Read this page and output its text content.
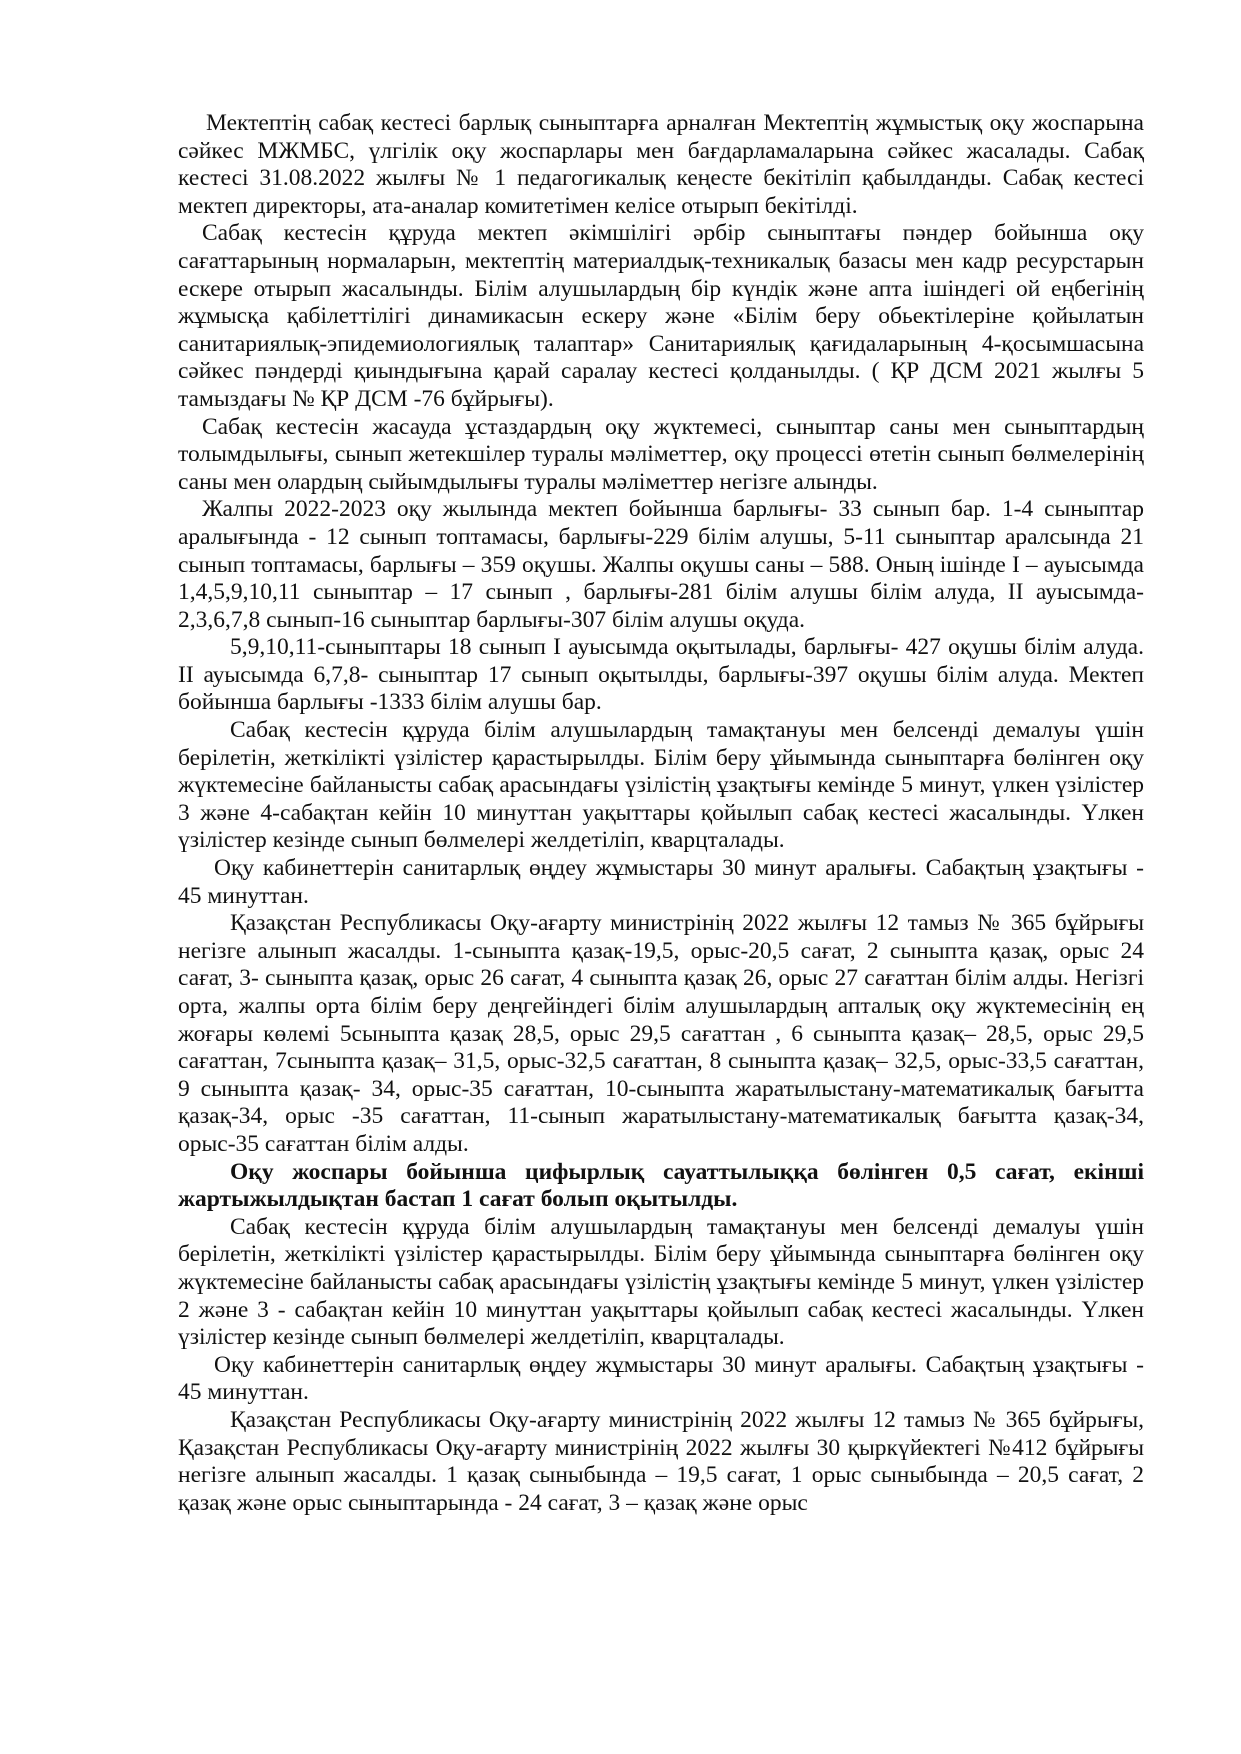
Мектептің сабақ кестесі барлық сыныптарға арналған Мектептің жұмыстық оқу жоспарына сәйкес МЖМБС, үлгілік оқу жоспарлары мен бағдарламаларына сәйкес жасалады. Сабақ кестесі 31.08.2022 жылғы № 1 педагогикалық кеңесте бекітіліп қабылданды. Сабақ кестесі мектеп директоры, ата-аналар комитетімен келісе отырып бекітілді.

Сабақ кестесін құруда мектеп әкімшілігі әрбір сыныптағы пәндер бойынша оқу сағаттарының нормаларын, мектептің материалдық-техникалық базасы мен кадр ресурстарын ескере отырып жасалынды. Білім алушылардың бір күндік және апта ішіндегі ой еңбегінің жұмысқа қабілеттілігі динамикасын ескеру және «Білім беру обьектілеріне қойылатын санитариялық-эпидемиологиялық талаптар» Санитариялық қағидаларының 4-қосымшасына сәйкес пәндерді қиындығына қарай саралау кестесі қолданылды. ( ҚР ДСМ 2021 жылғы 5 тамыздағы № ҚР ДСМ -76 бұйрығы).

Сабақ кестесін жасауда ұстаздардың оқу жүктемесі, сыныптар саны мен сыныптардың толымдылығы, сынып жетекшілер туралы мәліметтер, оқу процессі өтетін сынып бөлмелерінің саны мен олардың сыйымдылығы туралы мәліметтер негізге алынды.

Жалпы 2022-2023 оқу жылында мектеп бойынша барлығы- 33 сынып бар. 1-4 сыныптар аралығында - 12 сынып топтамасы, барлығы-229 білім алушы, 5-11 сыныптар аралсында 21 сынып топтамасы, барлығы – 359 оқушы. Жалпы оқушы саны – 588. Оның ішінде I – ауысымда 1,4,5,9,10,11 сыныптар – 17 сынып , барлығы-281 білім алушы білім алуда, II ауысымда- 2,3,6,7,8 сынып-16 сыныптар барлығы-307 білім алушы оқуда.

5,9,10,11-сыныптары 18 сынып I ауысымда оқытылады, барлығы- 427 оқушы білім алуда. II ауысымда 6,7,8- сыныптар 17 сынып оқытылды, барлығы-397 оқушы білім алуда. Мектеп бойынша барлығы -1333 білім алушы бар.

Сабақ кестесін құруда білім алушылардың тамақтануы мен белсенді демалуы үшін берілетін, жеткілікті үзілістер қарастырылды. Білім беру ұйымында сыныптарға бөлінген оқу жүктемесіне байланысты сабақ арасындағы үзілістің ұзақтығы кемінде 5 минут, үлкен үзілістер 3 және 4-сабақтан кейін 10 минуттан уақыттары қойылып сабақ кестесі жасалынды. Үлкен үзілістер кезінде сынып бөлмелері желдетіліп, кварцталады.

Оқу кабинеттерін санитарлық өңдеу жұмыстары 30 минут аралығы. Сабақтың ұзақтығы - 45 минуттан.

Қазақстан Республикасы Оқу-ағарту министрінің 2022 жылғы 12 тамыз № 365 бұйрығы негізге алынып жасалды. 1-сыныпта қазақ-19,5, орыс-20,5 сағат, 2 сыныпта қазақ, орыс 24 сағат, 3- сыныпта қазақ, орыс 26 сағат, 4 сыныпта қазақ 26, орыс 27 сағаттан білім алды. Негізгі орта, жалпы орта білім беру деңгейіндегі білім алушылардың апталық оқу жүктемесінің ең жоғары көлемі 5сыныпта қазақ 28,5, орыс 29,5 сағаттан , 6 сыныпта қазақ– 28,5, орыс 29,5 сағаттан, 7сыныпта қазақ– 31,5, орыс-32,5 сағаттан, 8 сыныпта қазақ– 32,5, орыс-33,5 сағаттан, 9 сыныпта қазақ- 34, орыс-35 сағаттан, 10-сыныпта жаратылыстану-математикалық бағытта қазақ-34, орыс -35 сағаттан, 11-сынып жаратылыстану-математикалық бағытта қазақ-34, орыс-35 сағаттан білім алды.

Оқу жоспары бойынша цифырлық сауаттылыққа бөлінген 0,5 сағат, екінші жартыжылдықтан бастап 1 сағат болып оқытылды.

Сабақ кестесін құруда білім алушылардың тамақтануы мен белсенді демалуы үшін берілетін, жеткілікті үзілістер қарастырылды. Білім беру ұйымында сыныптарға бөлінген оқу жүктемесіне байланысты сабақ арасындағы үзілістің ұзақтығы кемінде 5 минут, үлкен үзілістер 2 және 3 - сабақтан кейін 10 минуттан уақыттары қойылып сабақ кестесі жасалынды. Үлкен үзілістер кезінде сынып бөлмелері желдетіліп, кварцталады.

Оқу кабинеттерін санитарлық өңдеу жұмыстары 30 минут аралығы. Сабақтың ұзақтығы - 45 минуттан.

Қазақстан Республикасы Оқу-ағарту министрінің 2022 жылғы 12 тамыз № 365 бұйрығы, Қазақстан Республикасы Оқу-ағарту министрінің 2022 жылғы 30 қыркүйектегі №412 бұйрығы негізге алынып жасалды. 1 қазақ сыныбында – 19,5 сағат, 1 орыс сыныбында – 20,5 сағат, 2 қазақ және орыс сыныптарында - 24 сағат, 3 – қазақ және орыс
